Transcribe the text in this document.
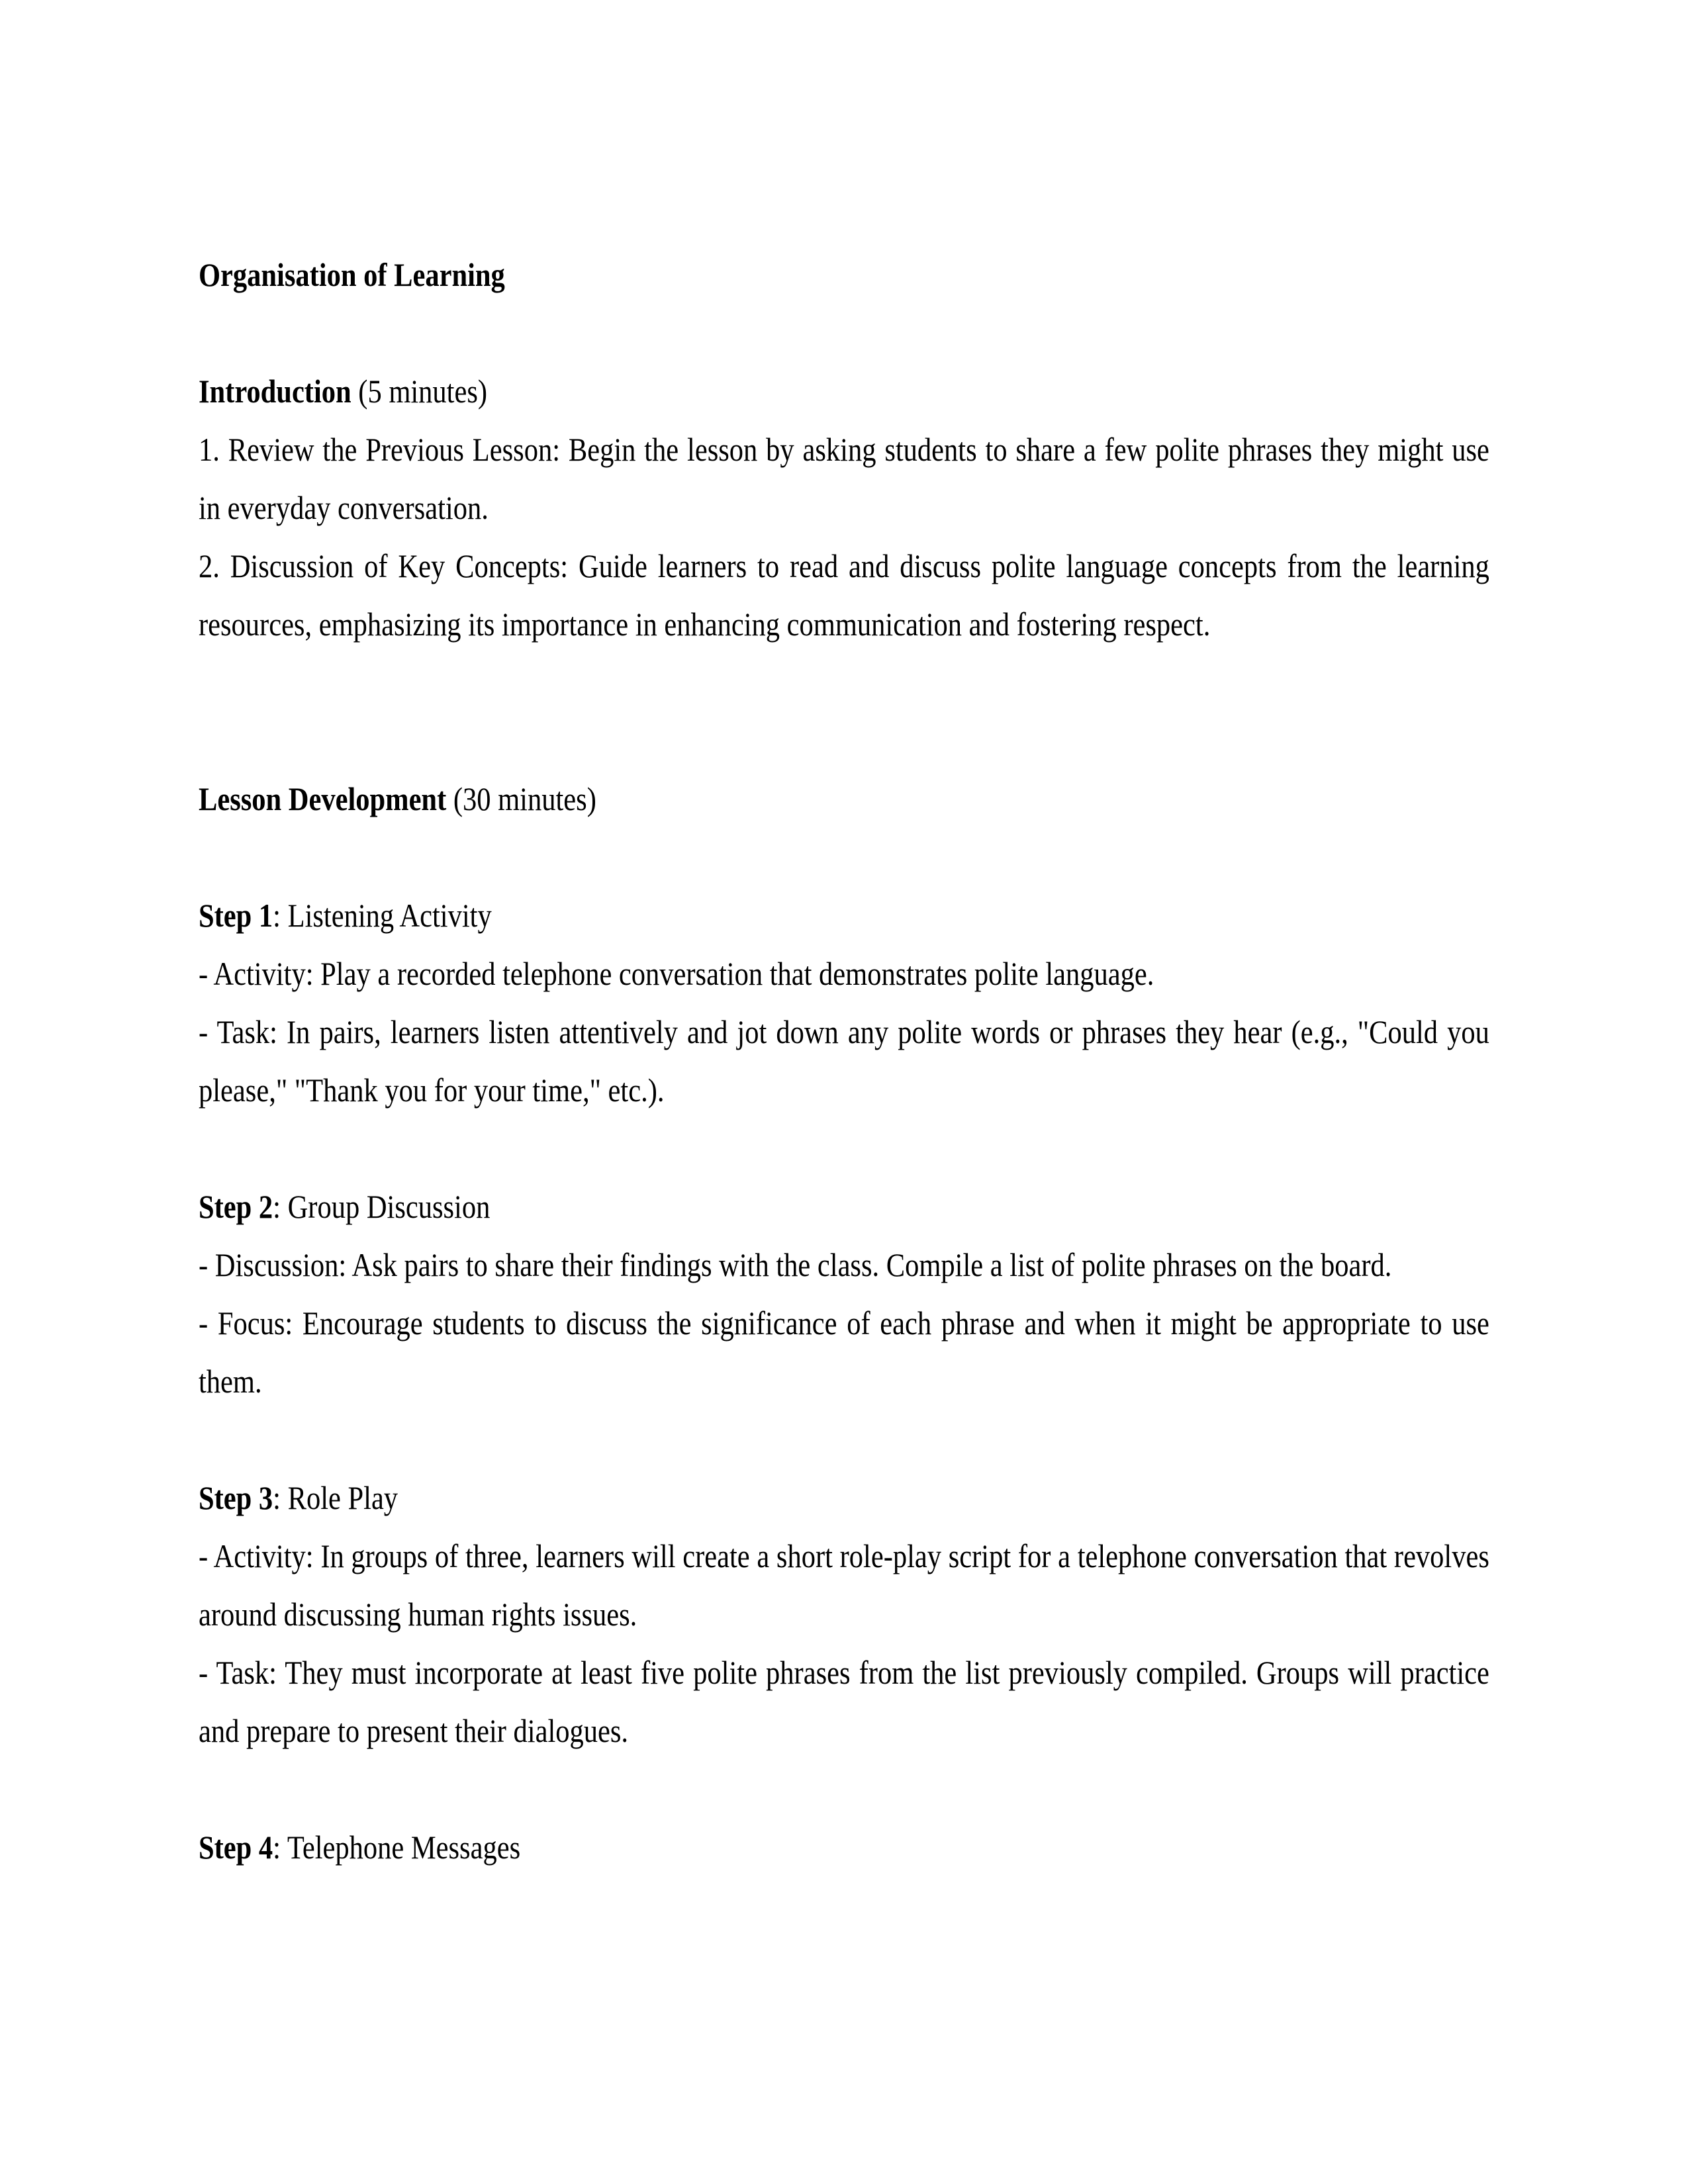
Organisation of Learning

Introduction (5 minutes)

1. Review the Previous Lesson: Begin the lesson by asking students to share a few polite phrases they might use in everyday conversation.

2. Discussion of Key Concepts: Guide learners to read and discuss polite language concepts from the learning resources, emphasizing its importance in enhancing communication and fostering respect.

Lesson Development (30 minutes)

Step 1: Listening Activity

- Activity: Play a recorded telephone conversation that demonstrates polite language.

- Task: In pairs, learners listen attentively and jot down any polite words or phrases they hear (e.g., "Could you please," "Thank you for your time," etc.).

Step 2: Group Discussion

- Discussion: Ask pairs to share their findings with the class. Compile a list of polite phrases on the board.

- Focus: Encourage students to discuss the significance of each phrase and when it might be appropriate to use them.

Step 3: Role Play

- Activity: In groups of three, learners will create a short role-play script for a telephone conversation that revolves around discussing human rights issues.

- Task: They must incorporate at least five polite phrases from the list previously compiled. Groups will practice and prepare to present their dialogues.

Step 4: Telephone Messages
